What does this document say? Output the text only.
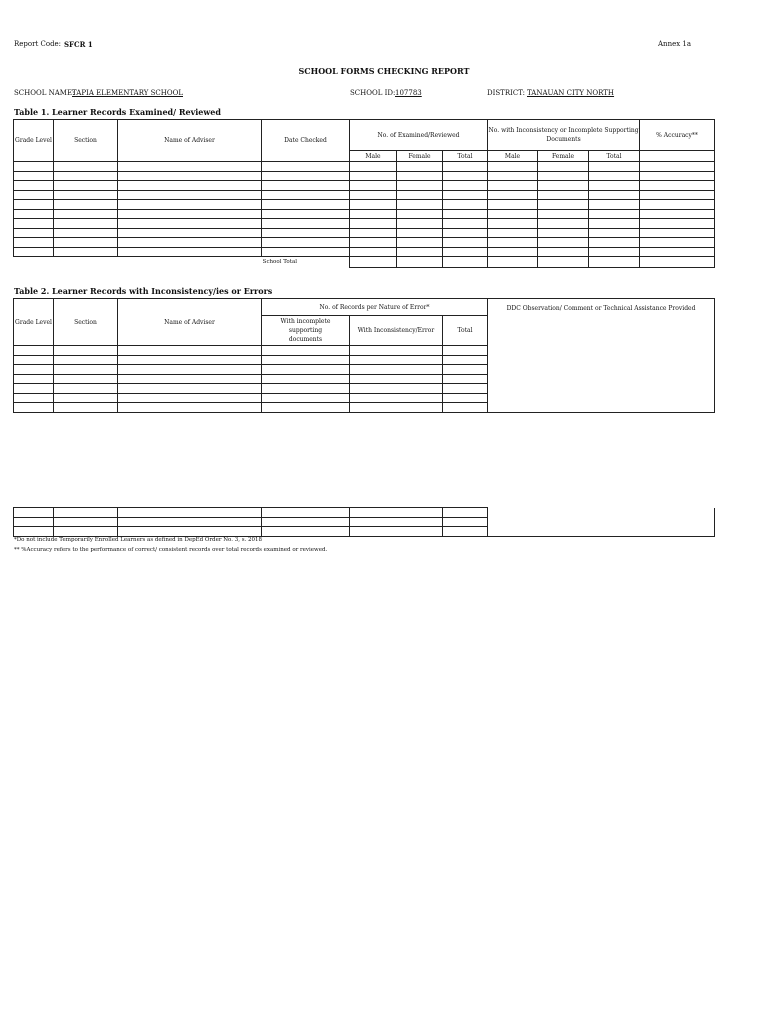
Report Code: SFCR 1	Annex 1a
SCHOOL FORMS CHECKING REPORT
SCHOOL NAME:
TAPIA ELEMENTARY SCHOOL	SCHOOL ID: 107783	DISTRICT: TANAUAN CITY NORTH
Table 1. Learner Records Examined/ Reviewed
Grade Level	Section	Name of Adviser	Date Checked	No. of Examined/Reviewed			No. with Inconsistency or Incomplete Supporting Documents			% Accuracy**
				Male	Female	Total	Male	Female	Total	

School Total										
Table 2. Learner Records with Inconsistency/ies or Errors
Grade Level	Section	Name of Adviser	No. of Records per Nature of Error*			DDC Observation/ Comment or Technical Assistance Provided
			With incomplete supporting documents	With Inconsistency/Error	Total	

*Do not include Temporarily Enrolled Learners as defined in DepEd Order No. 3, s. 2018
** %Accuracy refers to the performance of correct/ consistent records over total records examined or reviewed.
